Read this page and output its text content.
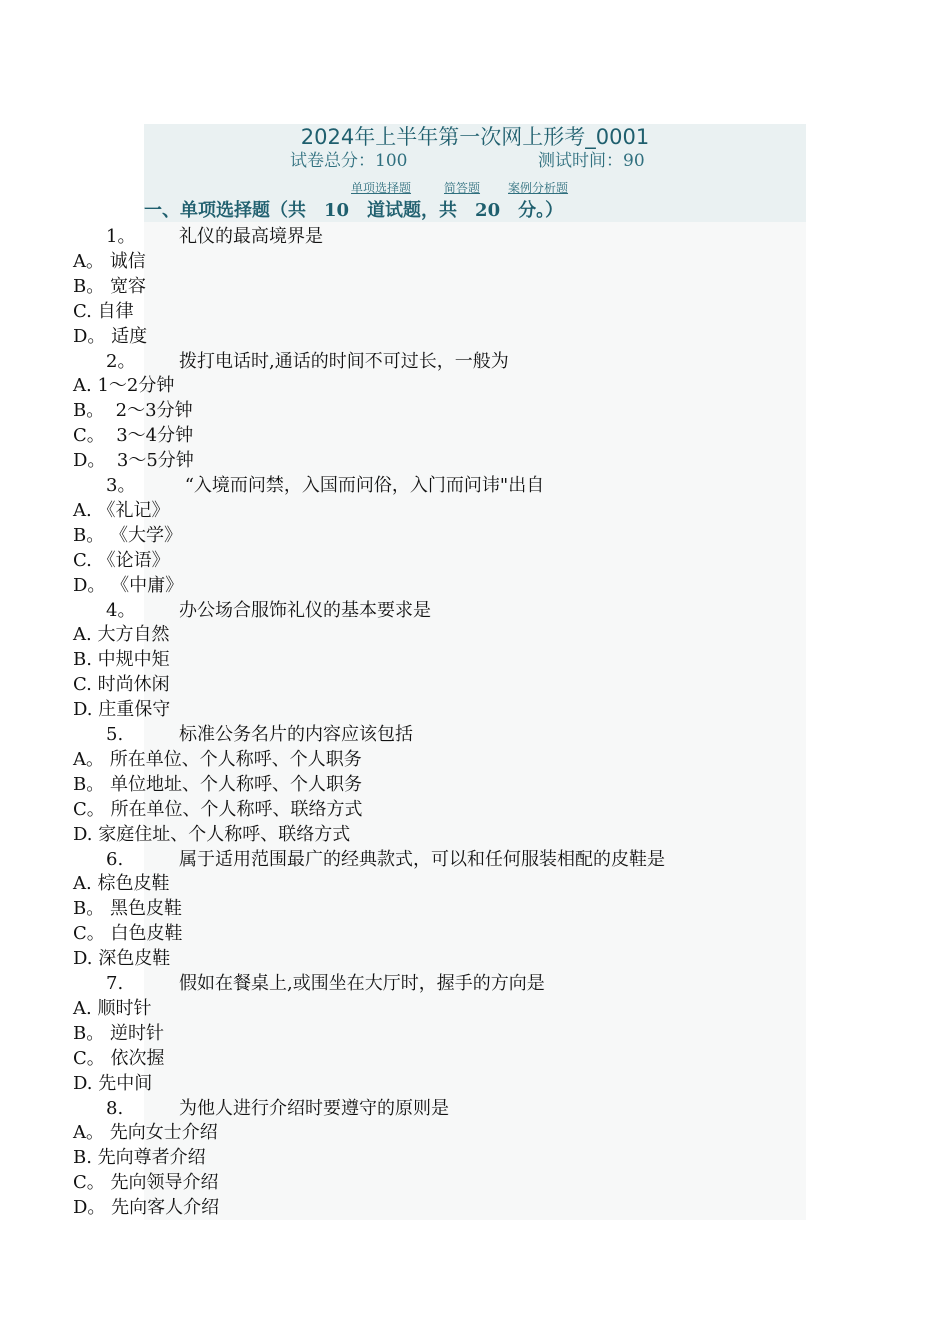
2024年上半年第一次网上形考_0001
试卷总分：100	测试时间：90
单项选择题	简答题 案例分析题
一、单项选择题（共　10　道试题，共　20　分。）
1。 礼仪的最高境界是
A。 诚信
B。 宽容
C. 自律
D。 适度
2。 拨打电话时,通话的时间不可过长，一般为
A. 1～2分钟
B。  2～3分钟
C。  3～4分钟
D。  3～5分钟
3。 “入境而问禁，入国而问俗，入门而问讳"出自
A. 《礼记》
B。 《大学》
C. 《论语》
D。 《中庸》
4。 办公场合服饰礼仪的基本要求是
A. 大方自然
B. 中规中矩
C. 时尚休闲
D. 庄重保守
5.	标准公务名片的内容应该包括
A。 所在单位、个人称呼、个人职务
B。 单位地址、个人称呼、个人职务
C。 所在单位、个人称呼、联络方式
D. 家庭住址、个人称呼、联络方式
6.	属于适用范围最广的经典款式，可以和任何服装相配的皮鞋是
A. 棕色皮鞋
B。 黑色皮鞋
C。 白色皮鞋
D. 深色皮鞋
7.	假如在餐桌上,或围坐在大厅时，握手的方向是
A. 顺时针
B。 逆时针
C。 依次握
D. 先中间
8.	为他人进行介绍时要遵守的原则是
A。 先向女士介绍
B. 先向尊者介绍
C。 先向领导介绍
D。 先向客人介绍
